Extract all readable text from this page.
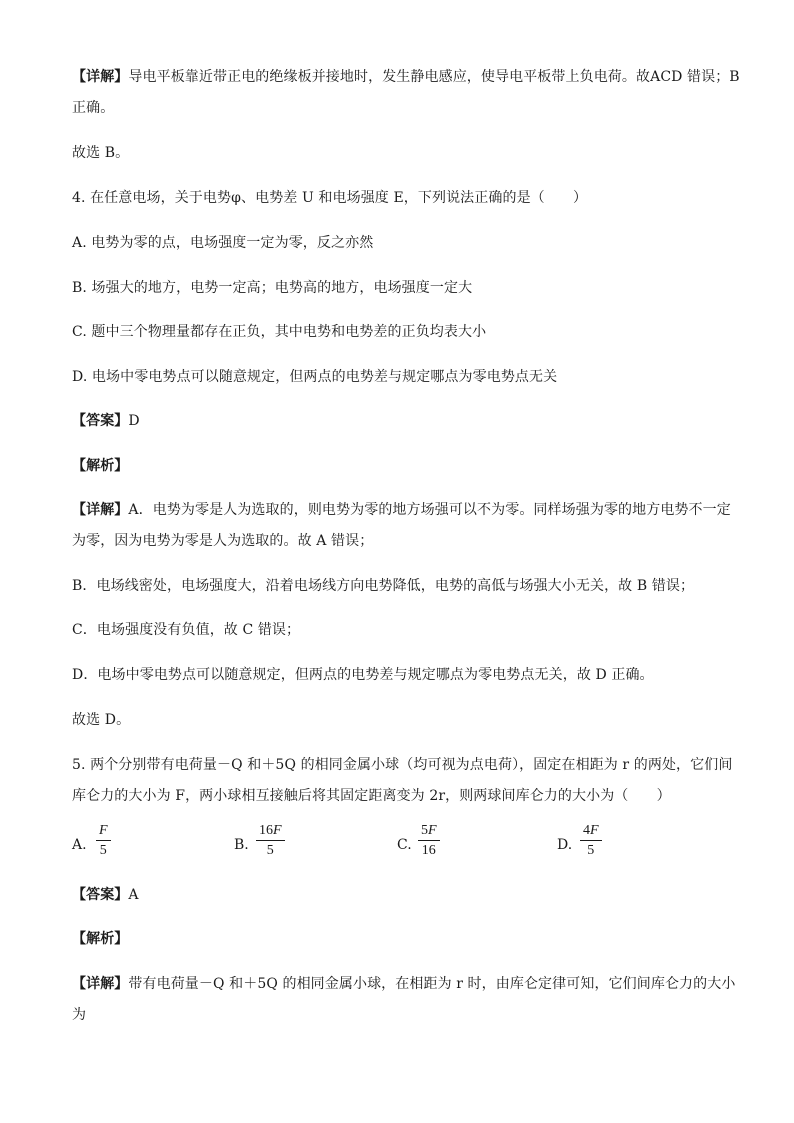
【详解】导电平板靠近带正电的绝缘板并接地时，发生静电感应，使导电平板带上负电荷。故ACD 错误；B
正确。
故选 B。
4. 在任意电场，关于电势φ、电势差 U 和电场强度 E，下列说法正确的是（　　）
A. 电势为零的点，电场强度一定为零，反之亦然
B. 场强大的地方，电势一定高；电势高的地方，电场强度一定大
C. 题中三个物理量都存在正负，其中电势和电势差的正负均表大小
D. 电场中零电势点可以随意规定，但两点的电势差与规定哪点为零电势点无关
【答案】D
【解析】
【详解】A．电势为零是人为选取的，则电势为零的地方场强可以不为零。同样场强为零的地方电势不一定
为零，因为电势为零是人为选取的。故 A 错误；
B．电场线密处，电场强度大，沿着电场线方向电势降低，电势的高低与场强大小无关，故 B 错误；
C．电场强度没有负值，故 C 错误；
D．电场中零电势点可以随意规定，但两点的电势差与规定哪点为零电势点无关，故 D 正确。
故选 D。
5. 两个分别带有电荷量－Q 和＋5Q 的相同金属小球（均可视为点电荷），固定在相距为 r 的两处，它们间
库仑力的大小为 F，两小球相互接触后将其固定距离变为 2r，则两球间库仑力的大小为（　　）
【答案】A
【解析】
【详解】带有电荷量－Q 和＋5Q 的相同金属小球，在相距为 r 时，由库仑定律可知，它们间库仑力的大小
为
A. $\frac{F}{5}$	B. $\frac{16F}{5}$	C. $\frac{5F}{16}$	D. $\frac{4F}{5}$
